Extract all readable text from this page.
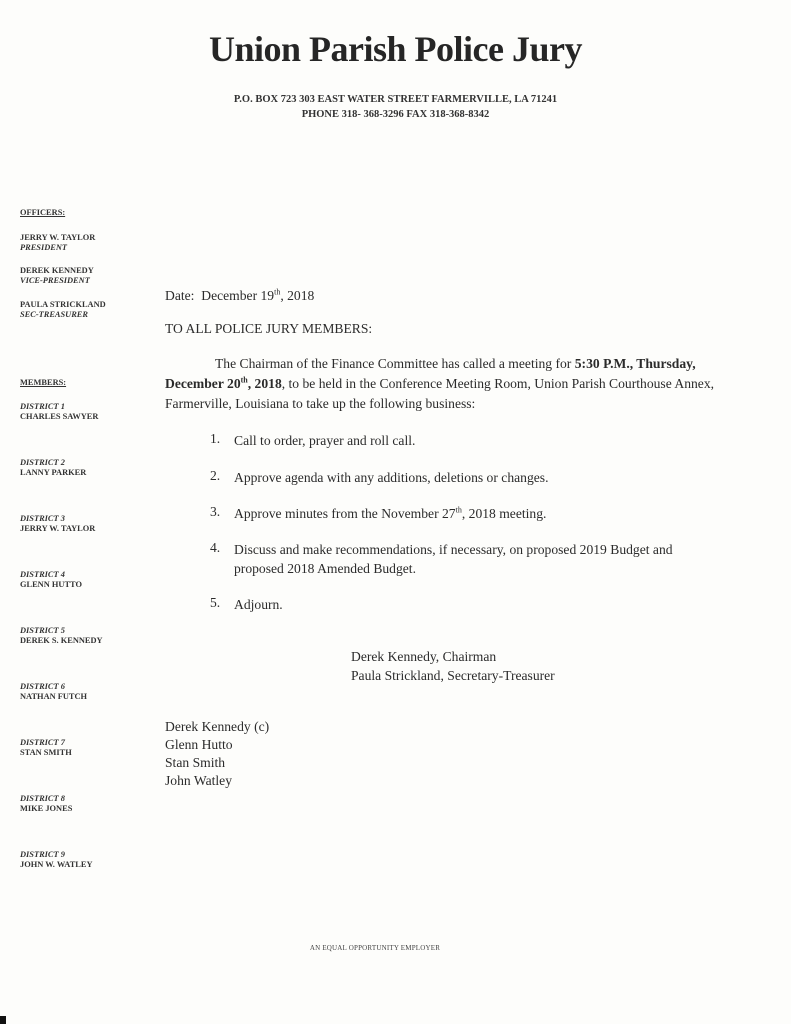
Union Parish Police Jury
P.O. BOX 723 303 EAST WATER STREET FARMERVILLE, LA 71241
PHONE 318- 368-3296 FAX 318-368-8342
OFFICERS:
JERRY W. TAYLOR
PRESIDENT
DEREK KENNEDY
VICE-PRESIDENT
PAULA STRICKLAND
SEC-TREASURER
MEMBERS:
DISTRICT 1
CHARLES SAWYER
DISTRICT 2
LANNY PARKER
DISTRICT 3
JERRY W. TAYLOR
DISTRICT 4
GLENN HUTTO
DISTRICT 5
DEREK S. KENNEDY
DISTRICT 6
NATHAN FUTCH
DISTRICT 7
STAN SMITH
DISTRICT 8
MIKE JONES
DISTRICT 9
JOHN W. WATLEY
Date: December 19th, 2018
TO ALL POLICE JURY MEMBERS:
The Chairman of the Finance Committee has called a meeting for 5:30 P.M., Thursday, December 20th, 2018, to be held in the Conference Meeting Room, Union Parish Courthouse Annex, Farmerville, Louisiana to take up the following business:
1. Call to order, prayer and roll call.
2. Approve agenda with any additions, deletions or changes.
3. Approve minutes from the November 27th, 2018 meeting.
4. Discuss and make recommendations, if necessary, on proposed 2019 Budget and proposed 2018 Amended Budget.
5. Adjourn.
Derek Kennedy, Chairman
Paula Strickland, Secretary-Treasurer
Derek Kennedy (c)
Glenn Hutto
Stan Smith
John Watley
AN EQUAL OPPORTUNITY EMPLOYER
